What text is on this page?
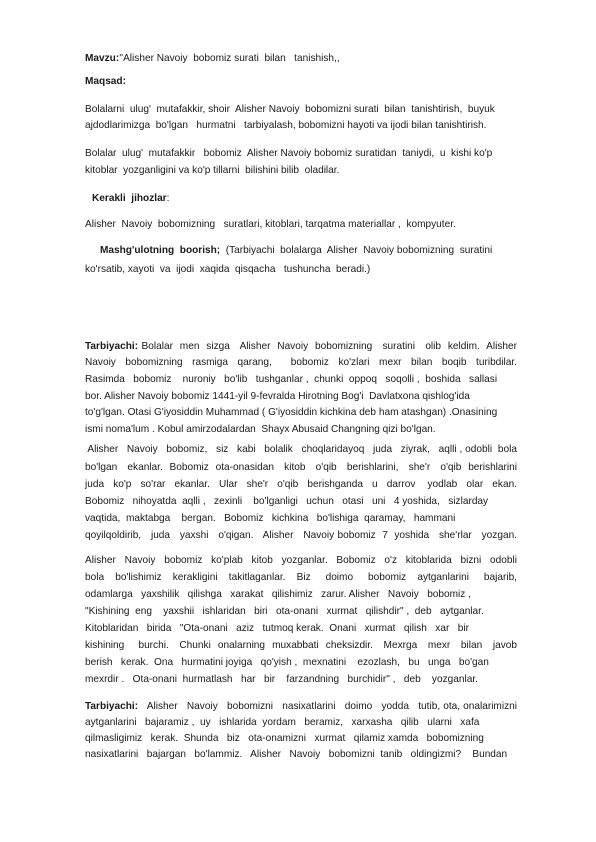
Mavzu:''Alisher Navoiy  bobomiz surati  bilan   tanishish,,
Maqsad:
Bolalarni  ulug'  mutafakkir, shoir  Alisher Navoiy  bobomizni surati  bilan  tanishtirish,  buyuk
ajdodlarimizga  bo'lgan   hurmatni   tarbiyalash, bobomizni hayoti va ijodi bilan tanishtirish.
Bolalar  ulug'  mutafakkir   bobomiz  Alisher Navoiy bobomiz suratidan  taniydi,  u  kishi ko'p
kitoblar  yozganligini va ko'p tillarni  bilishini bilib  oladilar.
Kerakli  jihozlar:
Alisher  Navoiy  bobomizning   suratlari, kitoblari, tarqatma materiallar ,  kompyuter.
Mashg'ulotning  boorish;  (Tarbiyachi  bolalarga  Alisher  Navoiy bobomizning  suratini
ko'rsatib, xayoti  va  ijodi  xaqida  qisqacha   tushuncha  beradi.)
Tarbiyachi: Bolalar  men  sizga   Alisher  Navoiy  bobomizning   suratini   olib  keldim.  Alisher
Navoiy  bobomizning  rasmiga  qarang,    bobomiz  ko'zlari  mexr  bilan  boqib  turibdilar.
Rasimda   bobomiz    nuroniy   bo'lib   tushganlar ,  chunki  oppoq   soqolli ,  boshida   sallasi
bor. Alisher Navoiy bobomiz 1441-yil 9-fevralda Hirotning Bog'i  Davlatxona qishlog'ida
to'g'lgan. Otasi G'iyosiddin Muhammad ( G'iyosiddin kichkina deb ham atashgan) .Onasining
ismi noma'lum . Kobul amirzodalardan  Shayx Abusaid Changning qizi bo'lgan.
Alisher   Navoiy   bobomiz,   siz   kabi   bolalik   choqlaridayoq   juda   ziyrak,   aqlli , odobli  bola
bo'lgan   ekanlar.  Bobomiz  ota-onasidan   kitob   o'qib   berishlarini,   she'r   o'qib  berishlarini
juda   ko'p   so'rar   ekanlar.   Ular   she'r   o'qib   berishganda   u   darrov    yodlab   olar   ekan.
Bobomiz   nihoyatda  aqlli ,   zexinli    bo'lganligi   uchun   otasi   uni   4 yoshida,   sizlarday
vaqtida,  maktabga    bergan.   Bobomiz   kichkina   bo'lishiga  qaramay,   hammani
qoyilqoldirib,   juda   yaxshi   o'qigan.   Alisher   Navoiy bobomiz  7  yoshida   she'rlar   yozgan.
Alisher  Navoiy  bobomiz  ko'plab  kitob  yozganlar.  Bobomiz  o'z  kitoblarida  bizni  odobli
bola   bo'lishimiz   kerakligini   takitlaganlar.   Biz    doimo    bobomiz   aytganlarini    bajarib,
odamlarga   yaxshilik   qilishga   xarakat   qilishimiz   zarur. Alisher   Navoiy   bobomiz ,
"Kishining  eng    yaxshii   ishlaridan   biri   ota-onani   xurmat   qilishdir" ,  deb   aytganlar.
Kitoblaridan   birida   "Ota-onani   aziz   tutmoq kerak.  Onani   xurmat   qilish   xar   bir
kishining    burchi.   Chunki  onalarning  muxabbati  cheksizdir.   Mexrga   mexr   bilan   javob
berish   kerak.  Ona   hurmatini joyiga   qo'yish ,  mexnatini    ezozlash,   bu   unga   bo'gan
mexrdir .   Ota-onani  hurmatlash   har   bir    farzandning   burchidir" ,   deb    yozganlar.
Tarbiyachi:   Alisher   Navoiy   bobomizni   nasixatlarini   doimo   yodda   tutib, ota, onalarimizni
aytganlarini   bajaramiz ,  uy   ishlarida  yordam   beramiz,   xarxasha   qilib   ularni   xafa
qilmasligimiz   kerak.  Shunda   biz   ota-onamizni   xurmat   qilamiz xamda   bobomizning
nasixatlarini   bajargan   bo'lammiz.   Alisher   Navoiy   bobomizni  tanib   oldingizmi?    Bundan
